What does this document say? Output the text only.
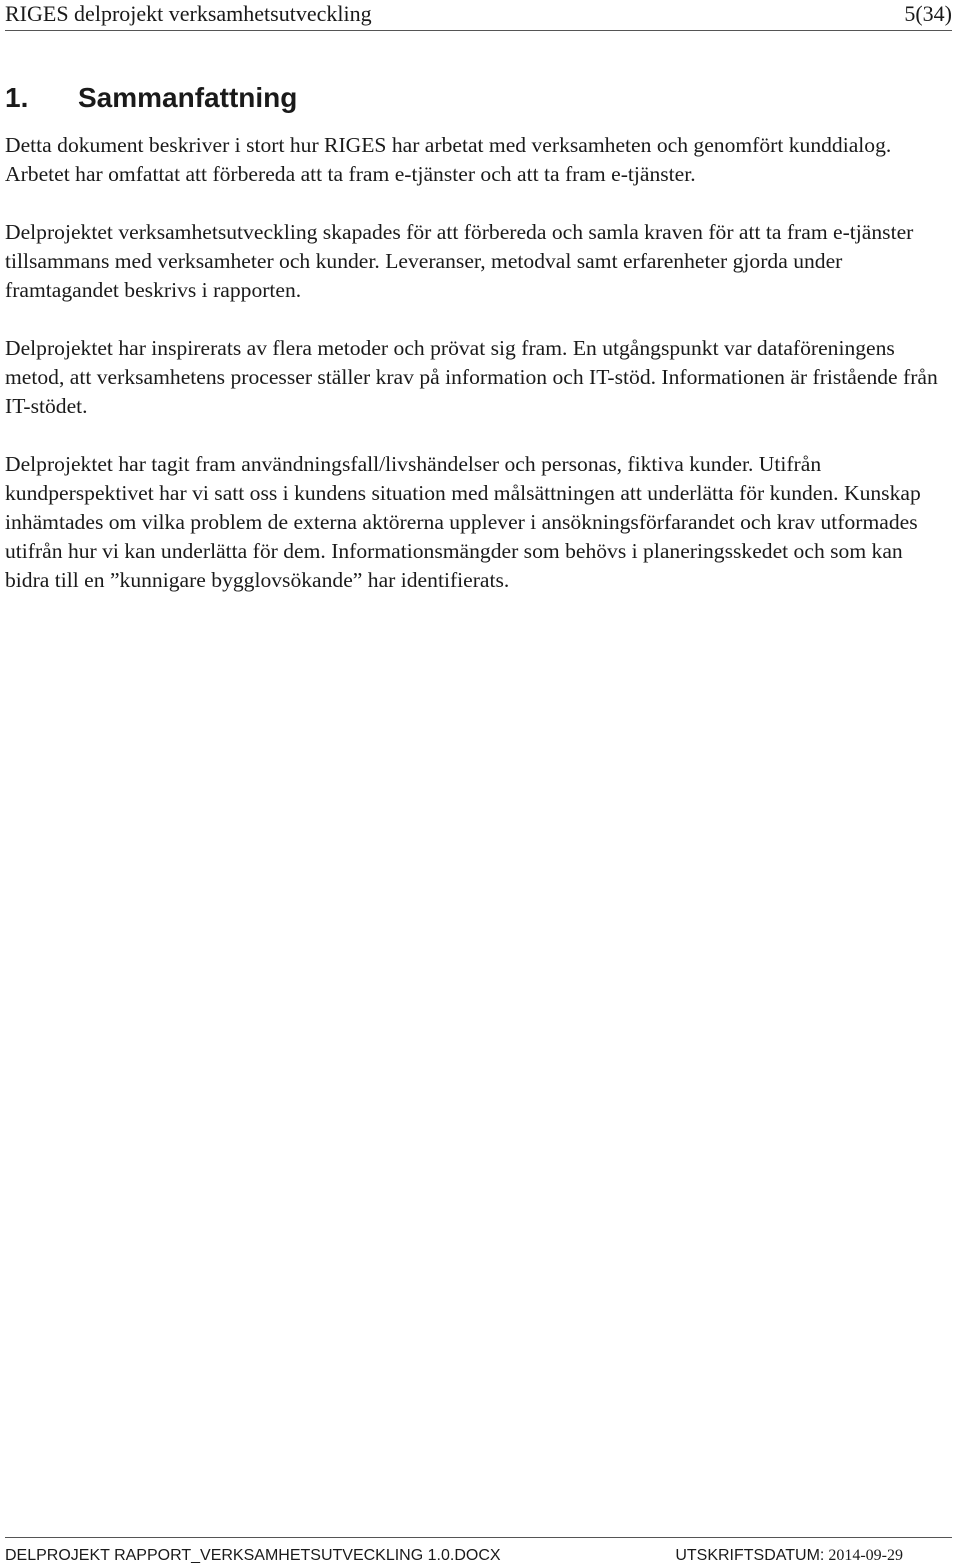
RIGES delprojekt verksamhetsutveckling	5(34)
1. Sammanfattning

Detta dokument beskriver i stort hur RIGES har arbetat med verksamheten och genomfört kunddialog. Arbetet har omfattat att förbereda att ta fram e-tjänster och att ta fram e-tjänster.

Delprojektet verksamhetsutveckling skapades för att förbereda och samla kraven för att ta fram e-tjänster tillsammans med verksamheter och kunder. Leveranser, metodval samt erfarenheter gjorda under framtagandet beskrivs i rapporten.

Delprojektet har inspirerats av flera metoder och prövat sig fram. En utgångspunkt var dataföreningens metod, att verksamhetens processer ställer krav på information och IT-stöd. Informationen är fristående från IT-stödet.

Delprojektet har tagit fram användningsfall/livshändelser och personas, fiktiva kunder. Utifrån kundperspektivet har vi satt oss i kundens situation med målsättningen att underlätta för kunden. Kunskap inhämtades om vilka problem de externa aktörerna upplever i ansökningsförfarandet och krav utformades utifrån hur vi kan underlätta för dem. Informationsmängder som behövs i planeringsskedet och som kan bidra till en ”kunnigare bygglovsökande” har identifierats.

DELPROJEKT RAPPORT_VERKSAMHETSUTVECKLING 1.0.DOCX	UTSKRIFTSDATUM: 2014-09-29
